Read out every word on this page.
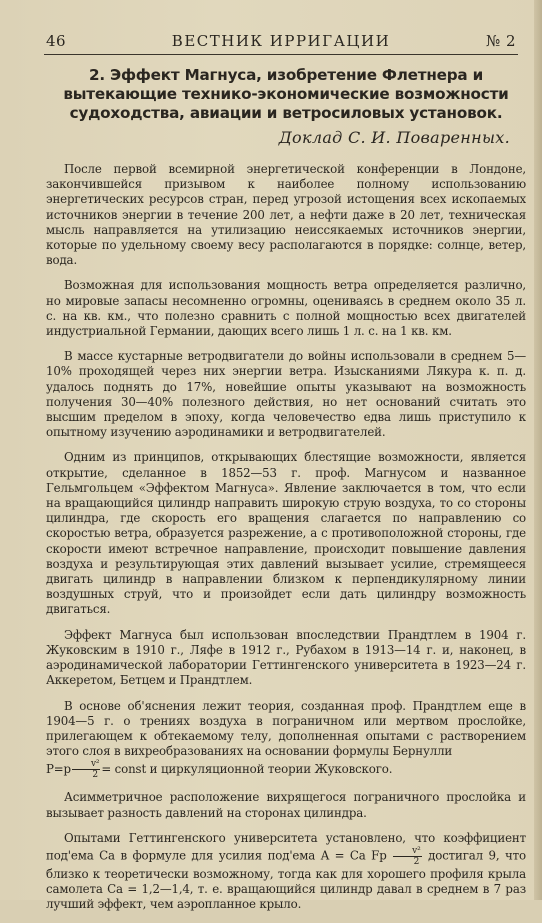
46	ВЕСТНИК ИРРИГАЦИИ	№ 2
2. Эффект Магнуса, изобретение Флетнера и вытекающие технико-экономические возможности судоходства, авиации и ветросиловых установок.
Доклад С. И. Поваренных.

После первой всемирной энергетической конференции в Лондоне, закончившейся призывом к наиболее полному использованию энергетических ресурсов стран, перед угрозой истощения всех ископаемых источников энергии в течение 200 лет, а нефти даже в 20 лет, техническая мысль направляется на утилизацию неиссякаемых источников энергии, которые по удельному своему весу располагаются в порядке: солнце, ветер, вода.

Возможная для использования мощность ветра определяется различно, но мировые запасы несомненно огромны, оцениваясь в среднем около 35 л. с. на кв. км., что полезно сравнить с полной мощностью всех двигателей индустриальной Германии, дающих всего лишь 1 л. с. на 1 кв. км.

В массе кустарные ветродвигатели до войны использовали в среднем 5—10% проходящей через них энергии ветра. Изысканиями Лякура к. п. д. удалось поднять до 17%, новейшие опыты указывают на возможность получения 30—40% полезного действия, но нет оснований считать это высшим пределом в эпоху, когда человечество едва лишь приступило к опытному изучению аэродинамики и ветродвигателей.

Одним из принципов, открывающих блестящие возможности, является открытие, сделанное в 1852—53 г. проф. Магнусом и названное Гельмгольцем «Эффектом Магнуса». Явление заключается в том, что если на вращающийся цилиндр направить широкую струю воздуха, то со стороны цилиндра, где скорость его вращения слагается по направлению со скоростью ветра, образуется разрежение, а с противоположной стороны, где скорости имеют встречное направление, происходит повышение давления воздуха и результирующая этих давлений вызывает усилие, стремящееся двигать цилиндр в направлении близком к перпендикулярному линии воздушных струй, что и произойдет если дать цилиндру возможность двигаться.

Эффект Магнуса был использован впоследствии Прандтлем в 1904 г. Жуковским в 1910 г., Ляфе в 1912 г., Рубахом в 1913—14 г. и, наконец, в аэродинамической лаборатории Геттингенского университета в 1923—24 г. Аккеретом, Бетцем и Прандтлем.

В основе об'яснения лежит теория, созданная проф. Прандтлем еще в 1904—5 г. о трениях воздуха в пограничном или мертвом прослойке, прилегающем к обтекаемому телу, дополненная опытами с растворением этого слоя в вихреобразованиях на основании формулы Бернулли
$P=p \frac{\text{v²}}{2}$ = const и циркуляционной теории Жуковского.

Асимметричное расположение вихрящегося пограничного прослойка и вызывает разность давлений на сторонах цилиндра.

Опытами Геттингенского университета установлено, что коэффициент под'ема Ca в формуле для усилия под'ема A = Ca Fp $\frac{\text{v²}}{2}$ достигал 9, что близко к теоретически возможному, тогда как для хорошего профиля крыла самолета Ca = 1,2—1,4, т. е. вращающийся цилиндр давал в среднем в 7 раз лучший эффект, чем аэропланное крыло.
